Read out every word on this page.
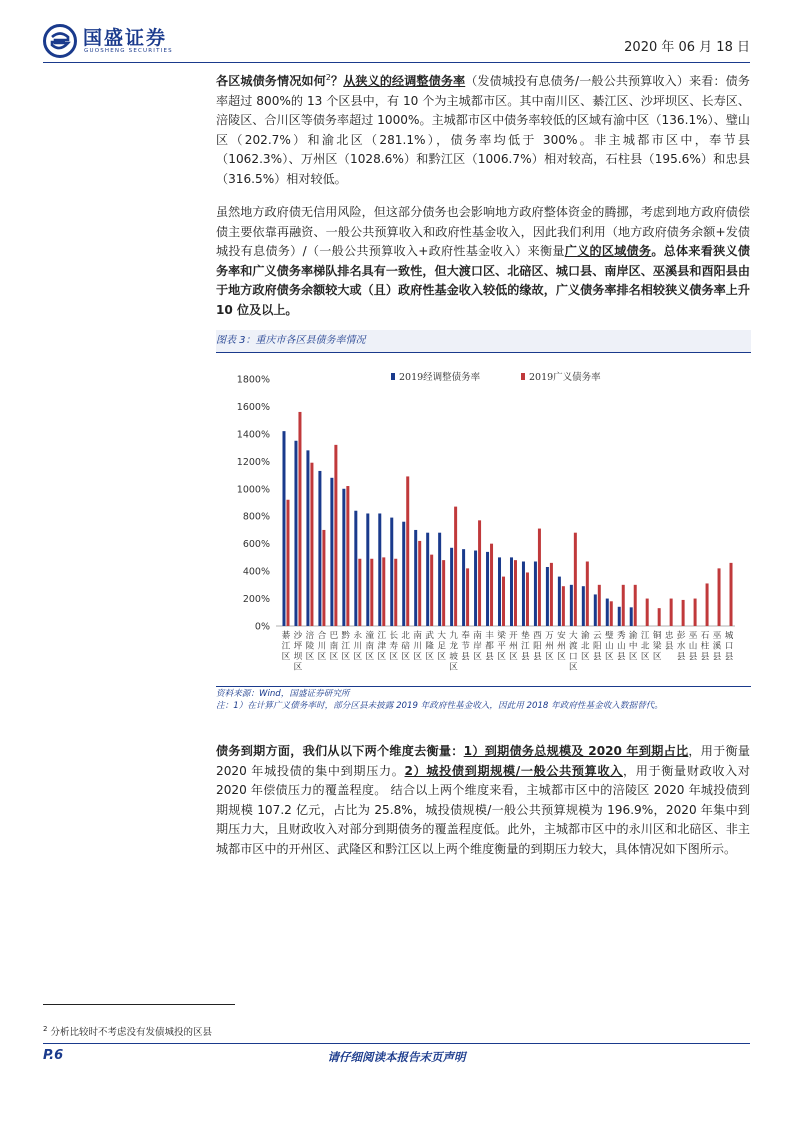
国盛证券
GUOSHENG SECURITIES	2020 年 06 月 18 日

各区城债务情况如何$^2$？从狭义的经调整债务率（发债城投有息债务/一般公共预算收入）来看：债务率超过 800%的 13 个区县中，有 10 个为主城都市区。其中南川区、綦江区、沙坪坝区、长寿区、涪陵区、合川区等债务率超过 1000%。主城都市区中债务率较低的区域有渝中区（136.1%）、璧山区（202.7%）和渝北区（281.1%），债务率均低于 300%。非主城都市区中，奉节县（1062.3%）、万州区（1028.6%）和黔江区（1006.7%）相对较高，石柱县（195.6%）和忠县（316.5%）相对较低。

虽然地方政府债无信用风险，但这部分债务也会影响地方政府整体资金的腾挪，考虑到地方政府债偿债主要依靠再融资、一般公共预算收入和政府性基金收入，因此我们利用（地方政府债务余额+发债城投有息债务）/（一般公共预算收入+政府性基金收入）来衡量广义的区域债务。总体来看狭义债务率和广义债务率梯队排名具有一致性，但大渡口区、北碚区、城口县、南岸区、巫溪县和酉阳县由于地方政府债务余额较大或（且）政府性基金收入较低的缘故，广义债务率排名相较狭义债务率上升 10 位及以上。

图表 3：重庆市各区县债务率情况
0%
200%
400%
600%
800%
1000%
1200%
1400%
1600%
1800%	2019经调整债务率	2019广义债务率
綦
江
区
沙
坪
坝
区
涪
陵
区
合
川
区
巴
南
区
黔
江
区
永
川
区
潼
南
区
江
津
区
长
寿
区
北
碚
区
南
川
区
武
隆
区
大
足
区
九
龙
坡
区
奉
节
县
南
岸
区
丰
都
县
梁
平
区
开
州
区
垫
江
县
酉
阳
县
万
州
区
安
州
区
大
渡
口
区
渝
北
区
云
阳
县
璧
山
区
秀
山
县
渝
中
区
江
北
区
铜
梁
区
忠
县
彭
水
县
巫
山
县
石
柱
县
巫
溪
县
城
口
县
资料来源：Wind，国盛证券研究所
注：1）在计算广义债务率时，部分区县未披露 2019 年政府性基金收入，因此用 2018 年政府性基金收入数据替代。

债务到期方面，我们从以下两个维度去衡量：1）到期债务总规模及 2020 年到期占比，用于衡量 2020 年城投债的集中到期压力。2）城投债到期规模/一般公共预算收入，用于衡量财政收入对 2020 年偿债压力的覆盖程度。 结合以上两个维度来看，主城都市区中的涪陵区 2020 年城投债到期规模 107.2 亿元，占比为 25.8%，城投债规模/一般公共预算规模为 196.9%，2020 年集中到期压力大，且财政收入对部分到期债务的覆盖程度低。此外，主城都市区中的永川区和北碚区、非主城都市区中的开州区、武隆区和黔江区以上两个维度衡量的到期压力较大，具体情况如下图所示。

$^2$ 分析比较时不考虑没有发债城投的区县
P.6	请仔细阅读本报告末页声明
